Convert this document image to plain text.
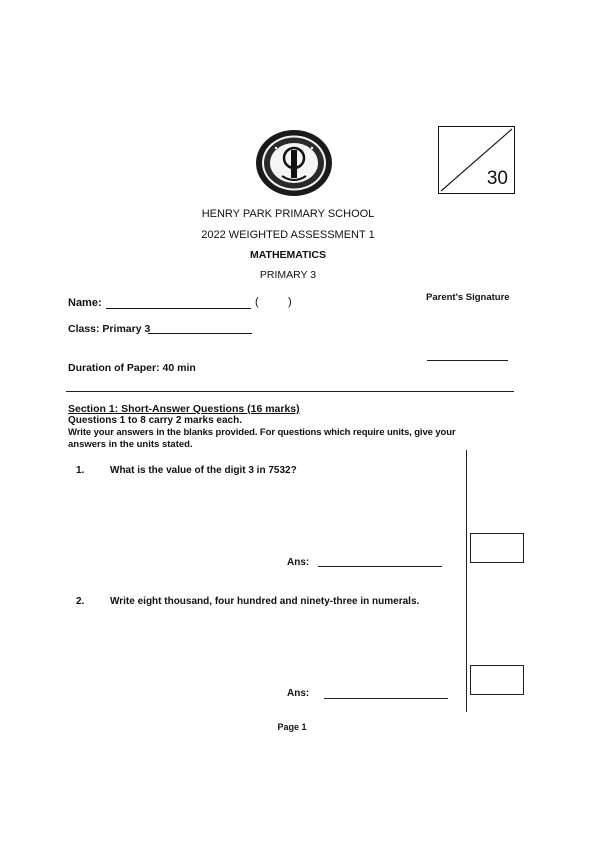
30
HENRY PARK PRIMARY SCHOOL
2022 WEIGHTED ASSESSMENT 1
MATHEMATICS
PRIMARY 3
Name:	(	)	Parent's Signature
Class: Primary 3
Duration of Paper: 40 min
Section 1: Short-Answer Questions (16 marks)
Questions 1 to 8 carry 2 marks each.
Write your answers in the blanks provided. For questions which require units, give your
answers in the units stated.
1.	What is the value of the digit 3 in 7532?
Ans:
2.	Write eight thousand, four hundred and ninety-three in numerals.
Ans:
Page 1
